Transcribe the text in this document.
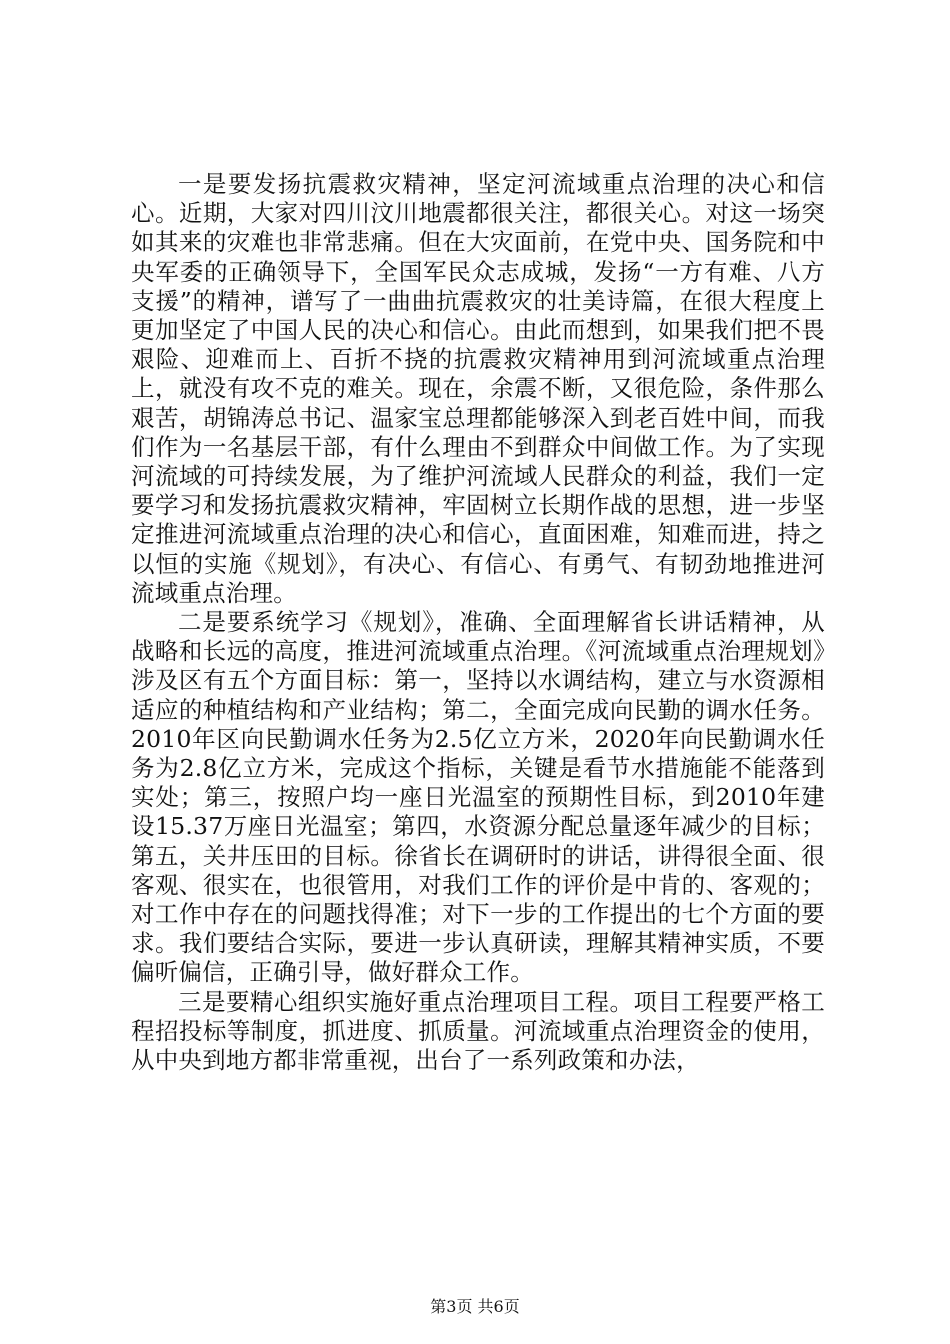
一是要发扬抗震救灾精神，坚定河流域重点治理的决心和信心。近期，大家对四川汶川地震都很关注，都很关心。对这一场突如其来的灾难也非常悲痛。但在大灾面前，在党中央、国务院和中央军委的正确领导下，全国军民众志成城，发扬“一方有难、八方支援”的精神，谱写了一曲曲抗震救灾的壮美诗篇，在很大程度上更加坚定了中国人民的决心和信心。由此而想到，如果我们把不畏艰险、迎难而上、百折不挠的抗震救灾精神用到河流域重点治理上，就没有攻不克的难关。现在，余震不断，又很危险，条件那么艰苦，胡锦涛总书记、温家宝总理都能够深入到老百姓中间，而我们作为一名基层干部，有什么理由不到群众中间做工作。为了实现河流域的可持续发展，为了维护河流域人民群众的利益，我们一定要学习和发扬抗震救灾精神，牢固树立长期作战的思想，进一步坚定推进河流域重点治理的决心和信心，直面困难，知难而进，持之以恒的实施《规划》，有决心、有信心、有勇气、有韧劲地推进河流域重点治理。

二是要系统学习《规划》，准确、全面理解省长讲话精神，从战略和长远的高度，推进河流域重点治理。《河流域重点治理规划》涉及区有五个方面目标：第一，坚持以水调结构，建立与水资源相适应的种植结构和产业结构；第二，全面完成向民勤的调水任务。2010年区向民勤调水任务为2.5亿立方米，2020年向民勤调水任务为2.8亿立方米，完成这个指标，关键是看节水措施能不能落到实处；第三，按照户均一座日光温室的预期性目标，到2010年建设15.37万座日光温室；第四，水资源分配总量逐年减少的目标；第五，关井压田的目标。徐省长在调研时的讲话，讲得很全面、很客观、很实在，也很管用，对我们工作的评价是中肯的、客观的；对工作中存在的问题找得准；对下一步的工作提出的七个方面的要求。我们要结合实际，要进一步认真研读，理解其精神实质，不要偏听偏信，正确引导，做好群众工作。

三是要精心组织实施好重点治理项目工程。项目工程要严格工程招投标等制度，抓进度、抓质量。河流域重点治理资金的使用，从中央到地方都非常重视，出台了一系列政策和办法，

第3页 共6页
